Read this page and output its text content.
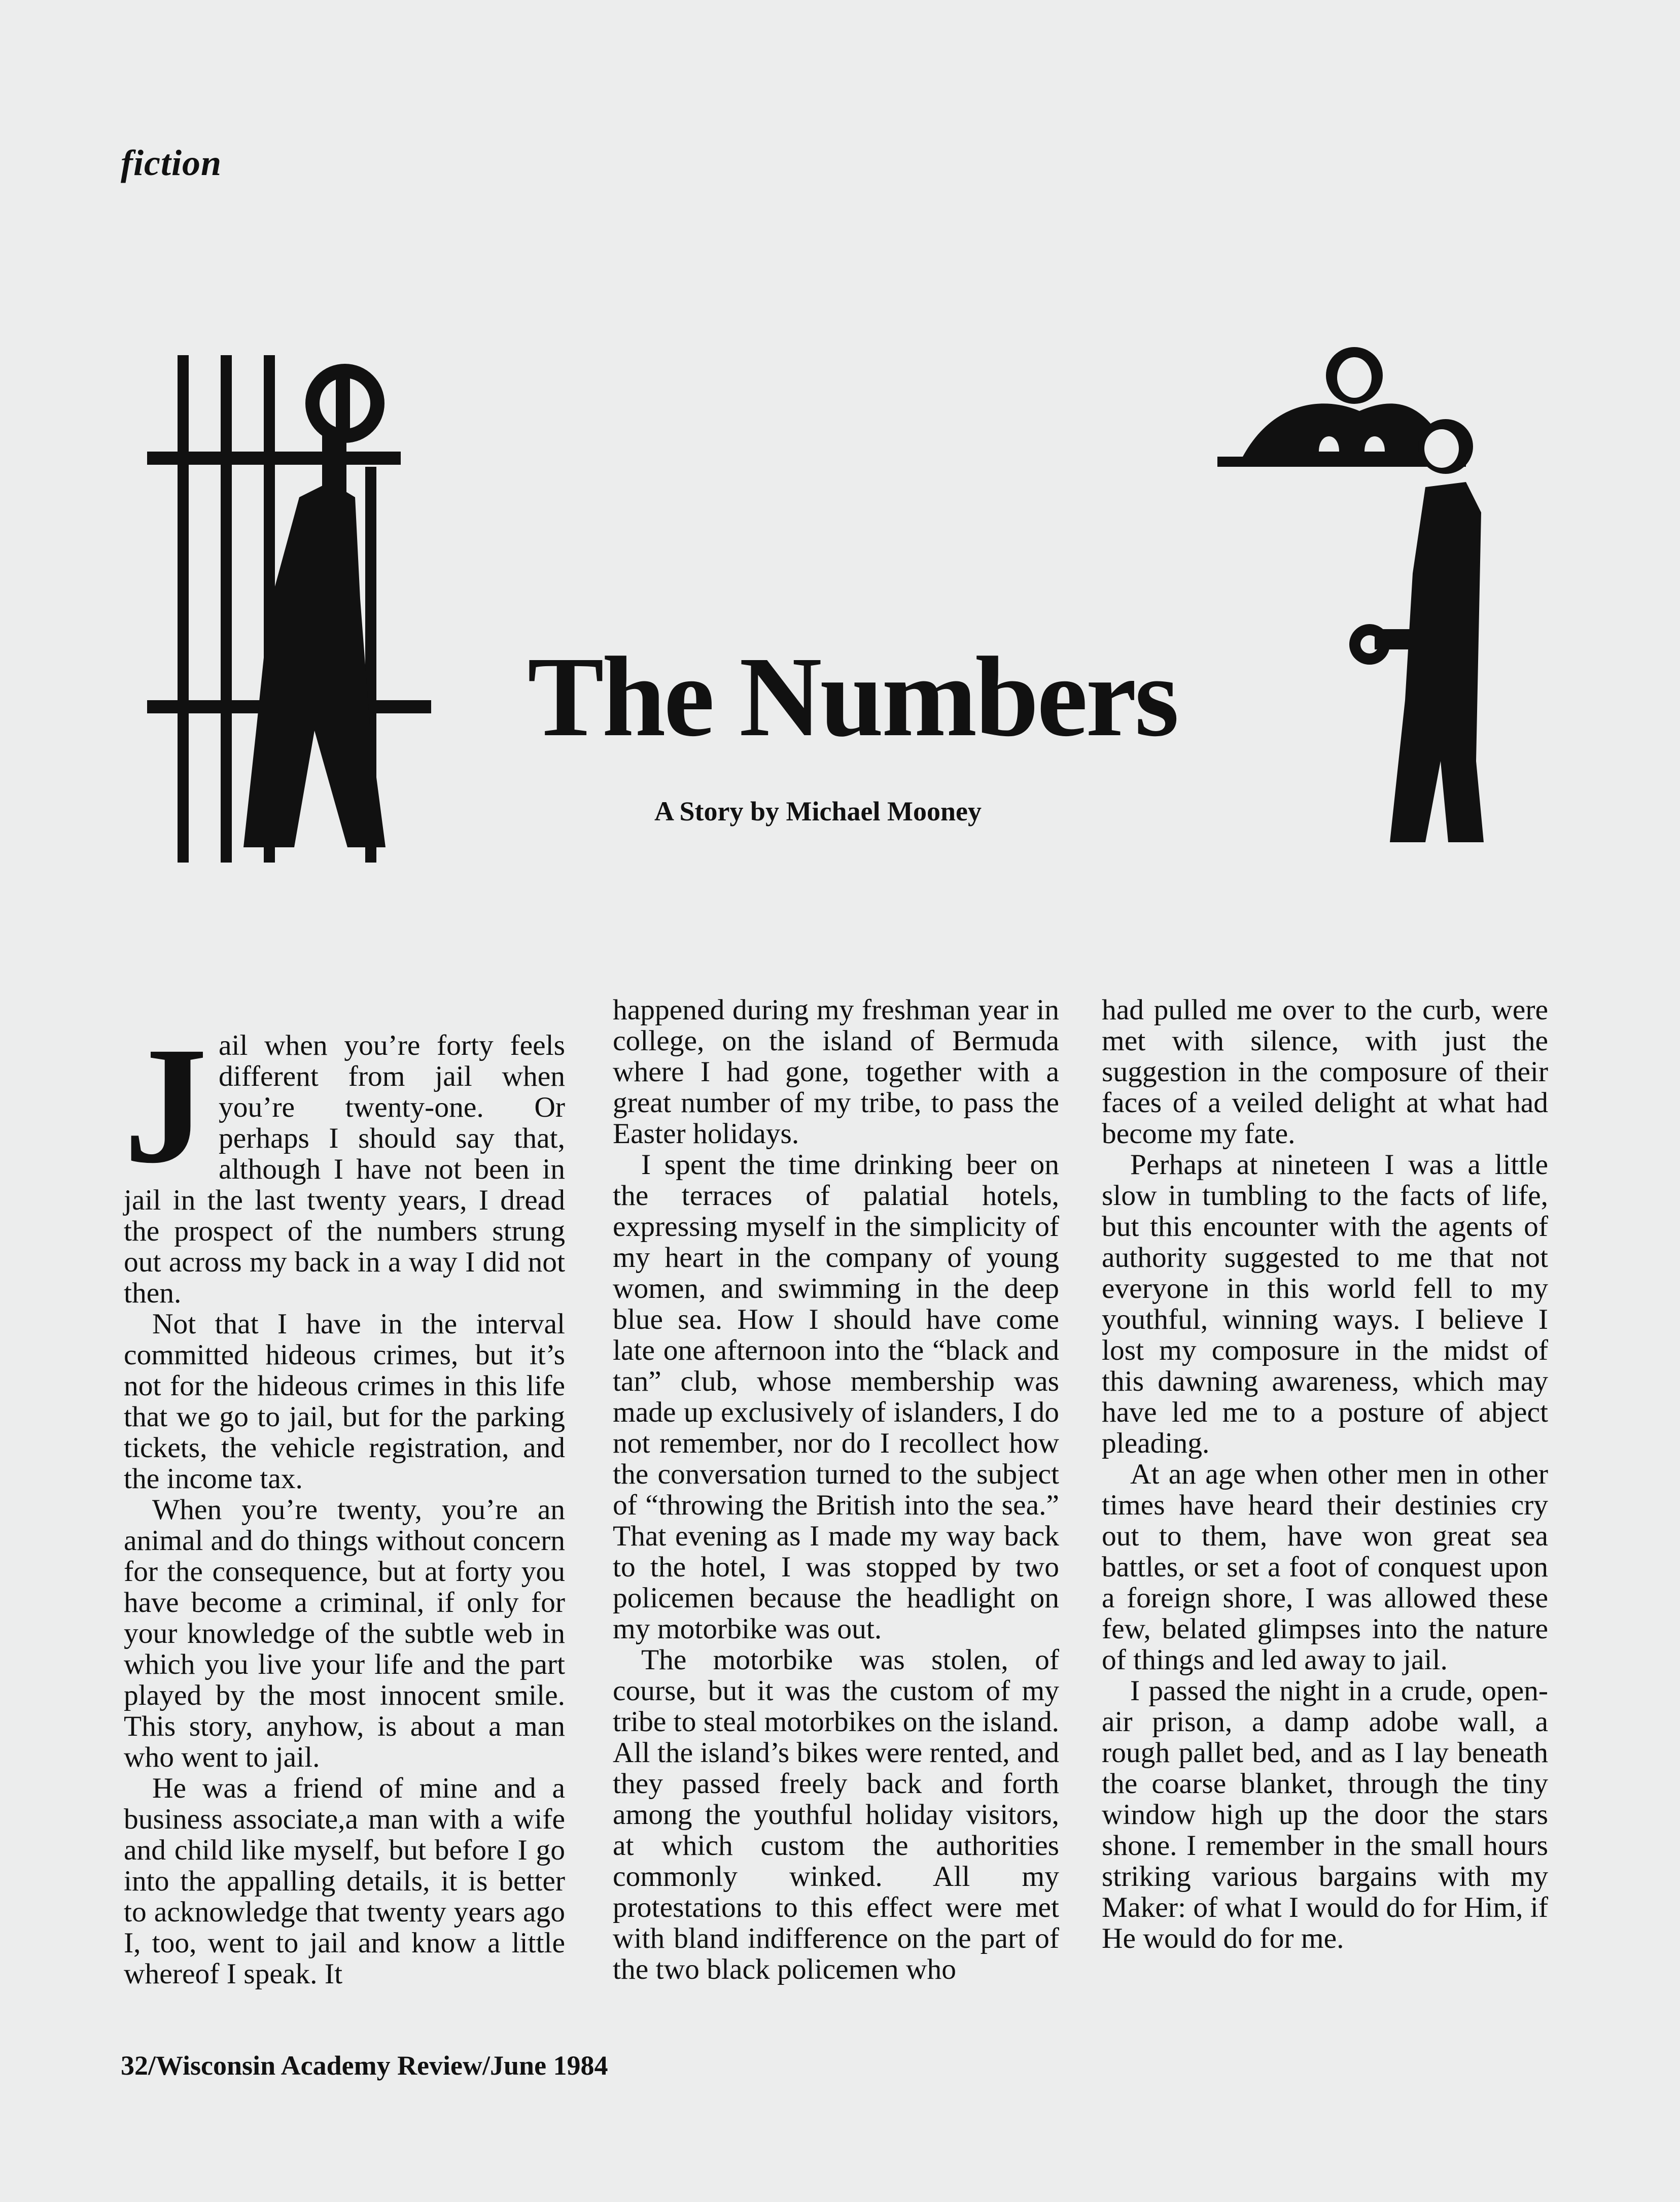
fiction
The Numbers
A Story by Michael Mooney

Jail when you’re forty feels different from jail when you’re twenty-one. Or perhaps I should say that, although I have not been in jail in the last twenty years, I dread the prospect of the numbers strung out across my back in a way I did not then.

Not that I have in the interval committed hideous crimes, but it’s not for the hideous crimes in this life that we go to jail, but for the parking tickets, the vehicle registration, and the income tax.

When you’re twenty, you’re an animal and do things without concern for the consequence, but at forty you have become a criminal, if only for your knowledge of the subtle web in which you live your life and the part played by the most innocent smile. This story, anyhow, is about a man who went to jail.

He was a friend of mine and a business associate,a man with a wife and child like myself, but before I go into the appalling details, it is better to acknowledge that twenty years ago I, too, went to jail and know a little whereof I speak. It

happened during my freshman year in college, on the island of Bermuda where I had gone, together with a great number of my tribe, to pass the Easter holidays.

I spent the time drinking beer on the terraces of palatial hotels, expressing myself in the simplicity of my heart in the company of young women, and swimming in the deep blue sea. How I should have come late one afternoon into the “black and tan” club, whose membership was made up exclusively of islanders, I do not remember, nor do I recollect how the conversation turned to the subject of “throwing the British into the sea.” That evening as I made my way back to the hotel, I was stopped by two policemen because the headlight on my motorbike was out.

The motorbike was stolen, of course, but it was the custom of my tribe to steal motorbikes on the island. All the island’s bikes were rented, and they passed freely back and forth among the youthful holiday visitors, at which custom the authorities commonly winked. All my protestations to this effect were met with bland indifference on the part of the two black policemen who

had pulled me over to the curb, were met with silence, with just the suggestion in the composure of their faces of a veiled delight at what had become my fate.

Perhaps at nineteen I was a little slow in tumbling to the facts of life, but this encounter with the agents of authority suggested to me that not everyone in this world fell to my youthful, winning ways. I believe I lost my composure in the midst of this dawning awareness, which may have led me to a posture of abject pleading.

At an age when other men in other times have heard their destinies cry out to them, have won great sea battles, or set a foot of conquest upon a foreign shore, I was allowed these few, belated glimpses into the nature of things and led away to jail.

I passed the night in a crude, open-air prison, a damp adobe wall, a rough pallet bed, and as I lay beneath the coarse blanket, through the tiny window high up the door the stars shone. I remember in the small hours striking various bargains with my Maker: of what I would do for Him, if He would do for me.

32/Wisconsin Academy Review/June 1984
